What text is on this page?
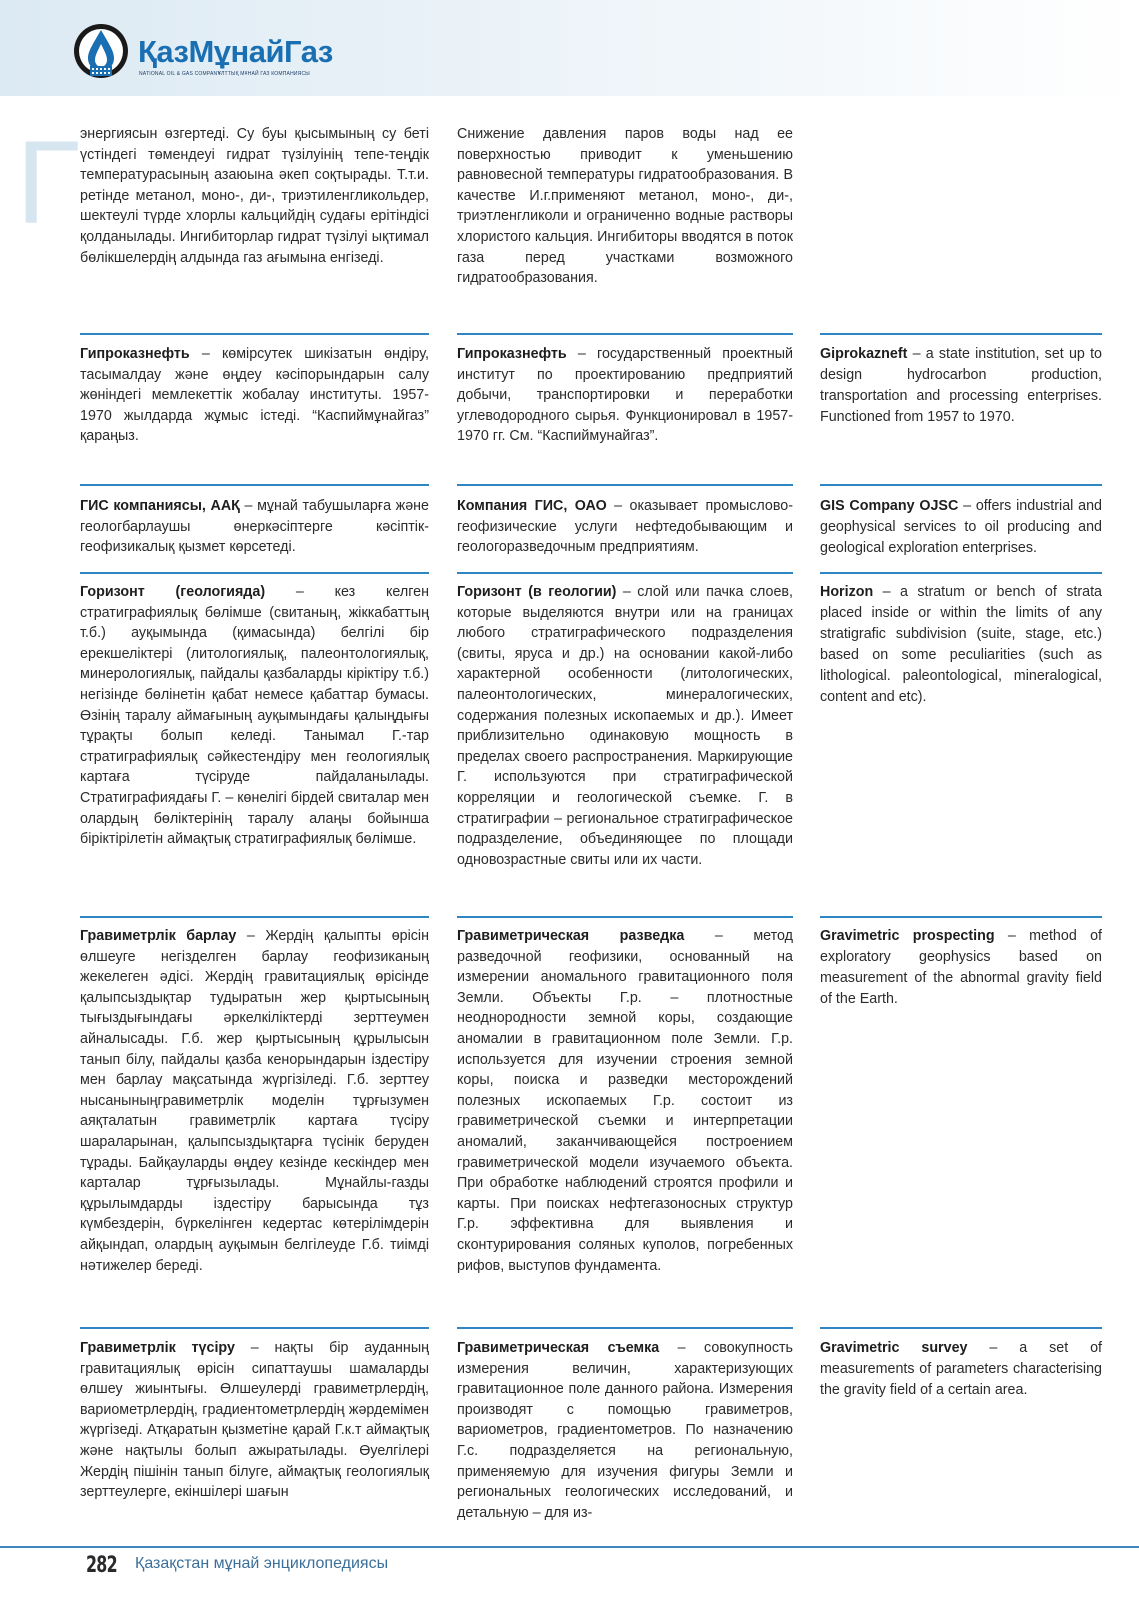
ҚазМұнайГаз
NATIONAL OIL & GAS COMPANY
ҰЛТТЫҚ МҰНАЙ ГАЗ КОМПАНИЯСЫ
Г энергиясын өзгертеді. Су буы қысымының су беті үстіндегі төмендеуі гидрат түзілуінің тепе-теңдік температурасының азаюына әкеп соқтырады. Т.т.и. ретінде метанол, моно-, ди-, триэтиленгликольдер, шектеулі түрде хлорлы кальцийдің судағы ерітіндісі қолданылады. Ингибиторлар гидрат түзілуі ықтимал бөлікшелердің алдында газ ағымына енгізеді.
Снижение давления паров воды над ее поверхностью приводит к уменьшению равновесной температуры гидратообразования. В качестве И.г.применяют метанол, моно-, ди-, триэтленгликоли и ограниченно водные растворы хлористого кальция. Ингибиторы вводятся в поток газа перед участками возможного гидратообразования.
Гипроказнефть – көмірсутек шикізатын өндіру, тасымалдау және өңдеу кәсіпорындарын салу жөніндегі мемлекеттік жобалау институты. 1957-1970 жылдарда жұмыс істеді. “Каспиймұнайгаз” қараңыз.
Гипроказнефть – государственный проектный институт по проектированию предприятий добычи, транспортировки и переработки углеводородного сырья. Функционировал в 1957-1970 гг. См. “Каспиймунайгаз”.
Giprokazneft – a state institution, set up to design hydrocarbon production, transportation and processing enterprises. Functioned from 1957 to 1970.
ГИС компаниясы, ААҚ – мұнай табушыларға және геологбарлаушы өнеркәсіптерге кәсіптік- геофизикалық қызмет көрсетеді.
Компания ГИС, ОАО – оказывает промыслово-геофизические услуги нефтедобывающим и геологоразведочным предприятиям.
GIS Company OJSC – offers industrial and geophysical services to oil producing and geological exploration enterprises.
Горизонт (геологияда) – кез келген стратиграфиялық бөлімше (свитаның, жіккабаттың т.б.) ауқымында (қимасында) белгілі бір ерекшеліктері (литологиялық, палеонтологиялық, минерологиялық, пайдалы қазбаларды кіріктіру т.б.) негізінде бөлінетін қабат немесе қабаттар бумасы. Өзінің таралу аймағының ауқымындағы қалыңдығы тұрақты болып келеді. Танымал Г.-тар стратиграфиялық сәйкестендіру мен геологиялық картаға түсіруде пайдаланылады. Стратиграфиядағы Г. – көнелігі бірдей свиталар мен олардың бөліктерінің таралу алаңы бойынша біріктірілетін аймақтық стратиграфиялық бөлімше.
Горизонт (в геологии) – слой или пачка слоев, которые выделяются внутри или на границах любого стратиграфического подразделения (свиты, яруса и др.) на основании какой-либо характерной особенности (литологических, палеонтологических, минералогических, содержания полезных ископаемых и др.). Имеет приблизительно одинаковую мощность в пределах своего распространения. Маркирующие Г. используются при стратиграфической корреляции и геологической съемке. Г. в стратиграфии – региональное стратиграфическое подразделение, объединяющее по площади одновозрастные свиты или их части.
Horizon – a stratum or bench of strata placed inside or within the limits of any stratigrafic subdivision (suite, stage, etc.) based on some peculiarities (such as lithological. paleontological, mineralogical, content and etc).
Гравиметрлік барлау – Жердің қалыпты өрісін өлшеуге негізделген барлау геофизиканың жекелеген әдісі. Жердің гравитациялық өрісінде қалыпсыздықтар тудыратын жер қыртысының тығыздығындағы әркелкіліктерді зерттеумен айналысады. Г.б. жер қыртысының құрылысын танып білу, пайдалы қазба кенорындарын іздестіру мен барлау мақсатында жүргізіледі. Г.б. зерттеу нысаныныңгравиметрлік моделін тұрғызумен аяқталатын гравиметрлік картаға түсіру шараларынан, қалыпсыздықтарға түсінік беруден тұрады. Байқауларды өңдеу кезінде кескіндер мен карталар тұрғызылады. Мұнайлы-газды құрылымдарды іздестіру барысында тұз күмбездерін, бүркелінген кедертас көтерілімдерін айқындап, олардың ауқымын белгілеуде Г.б. тиімді нәтижелер береді.
Гравиметрическая разведка – метод разведочной геофизики, основанный на измерении аномального гравитационного поля Земли. Объекты Г.р. – плотностные неоднородности земной коры, создающие аномалии в гравитационном поле Земли. Г.р. используется для изучении строения земной коры, поиска и разведки месторождений полезных ископаемых Г.р. состоит из гравиметрической съемки и интерпретации аномалий, заканчивающейся построением гравиметрической модели изучаемого объекта. При обработке наблюдений строятся профили и карты. При поисках нефтегазоносных структур Г.р. эффективна для выявления и сконтурирования соляных куполов, погребенных рифов, выступов фундамента.
Gravimetric prospecting – method of exploratory geophysics based on measurement of the abnormal gravity field of the Earth.
Гравиметрлік түсіру – нақты бір ауданның гравитациялық өрісін сипаттаушы шамаларды өлшеу жиынтығы. Өлшеулерді гравиметрлердің, вариометрлердің, градиентометрлердің жәрдемімен жүргізеді. Атқаратын қызметіне қарай Г.к.т аймақтық және нақтылы болып ажыратылады. Өуелгілері Жердің пішінін танып білуге, аймақтық геологиялық зерттеулерге, екіншілері шағын
Гравиметрическая съемка – совокупность измерения величин, характеризующих гравитационное поле данного района. Измерения производят с помощью гравиметров, вариометров, градиентометров. По назначению Г.с. подразделяется на региональную, применяемую для изучения фигуры Земли и региональных геологических исследований, и детальную – для из-
Gravimetric survey – a set of measurements of parameters characterising the gravity field of a certain area.
282 Қазақстан мұнай энциклопедиясы
